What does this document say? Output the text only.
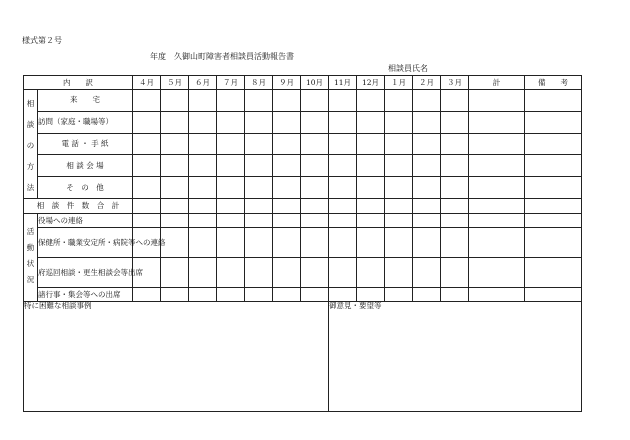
様式第２号
年度　久御山町障害者相談員活動報告書
相談員氏名
内　　訳		４月	５月	６月	７月	８月	９月	10月	11月	12月	１月	２月	３月	計	備　　考

相
談
の
方
法	来　　宅														
	訪問（家庭・職場等）														
	電 話 ・ 手 紙														
	相 談 会 場														
	そ　の　他														
相　談　件　数　合　計															

活
動
状
況	役場への連絡														
	保健所・職業安定所・病院等への連絡														
	府巡回相談・更生相談会等出席														
	諸行事・集会等への出席														
特に困難な相談事例									御意見・要望等						
